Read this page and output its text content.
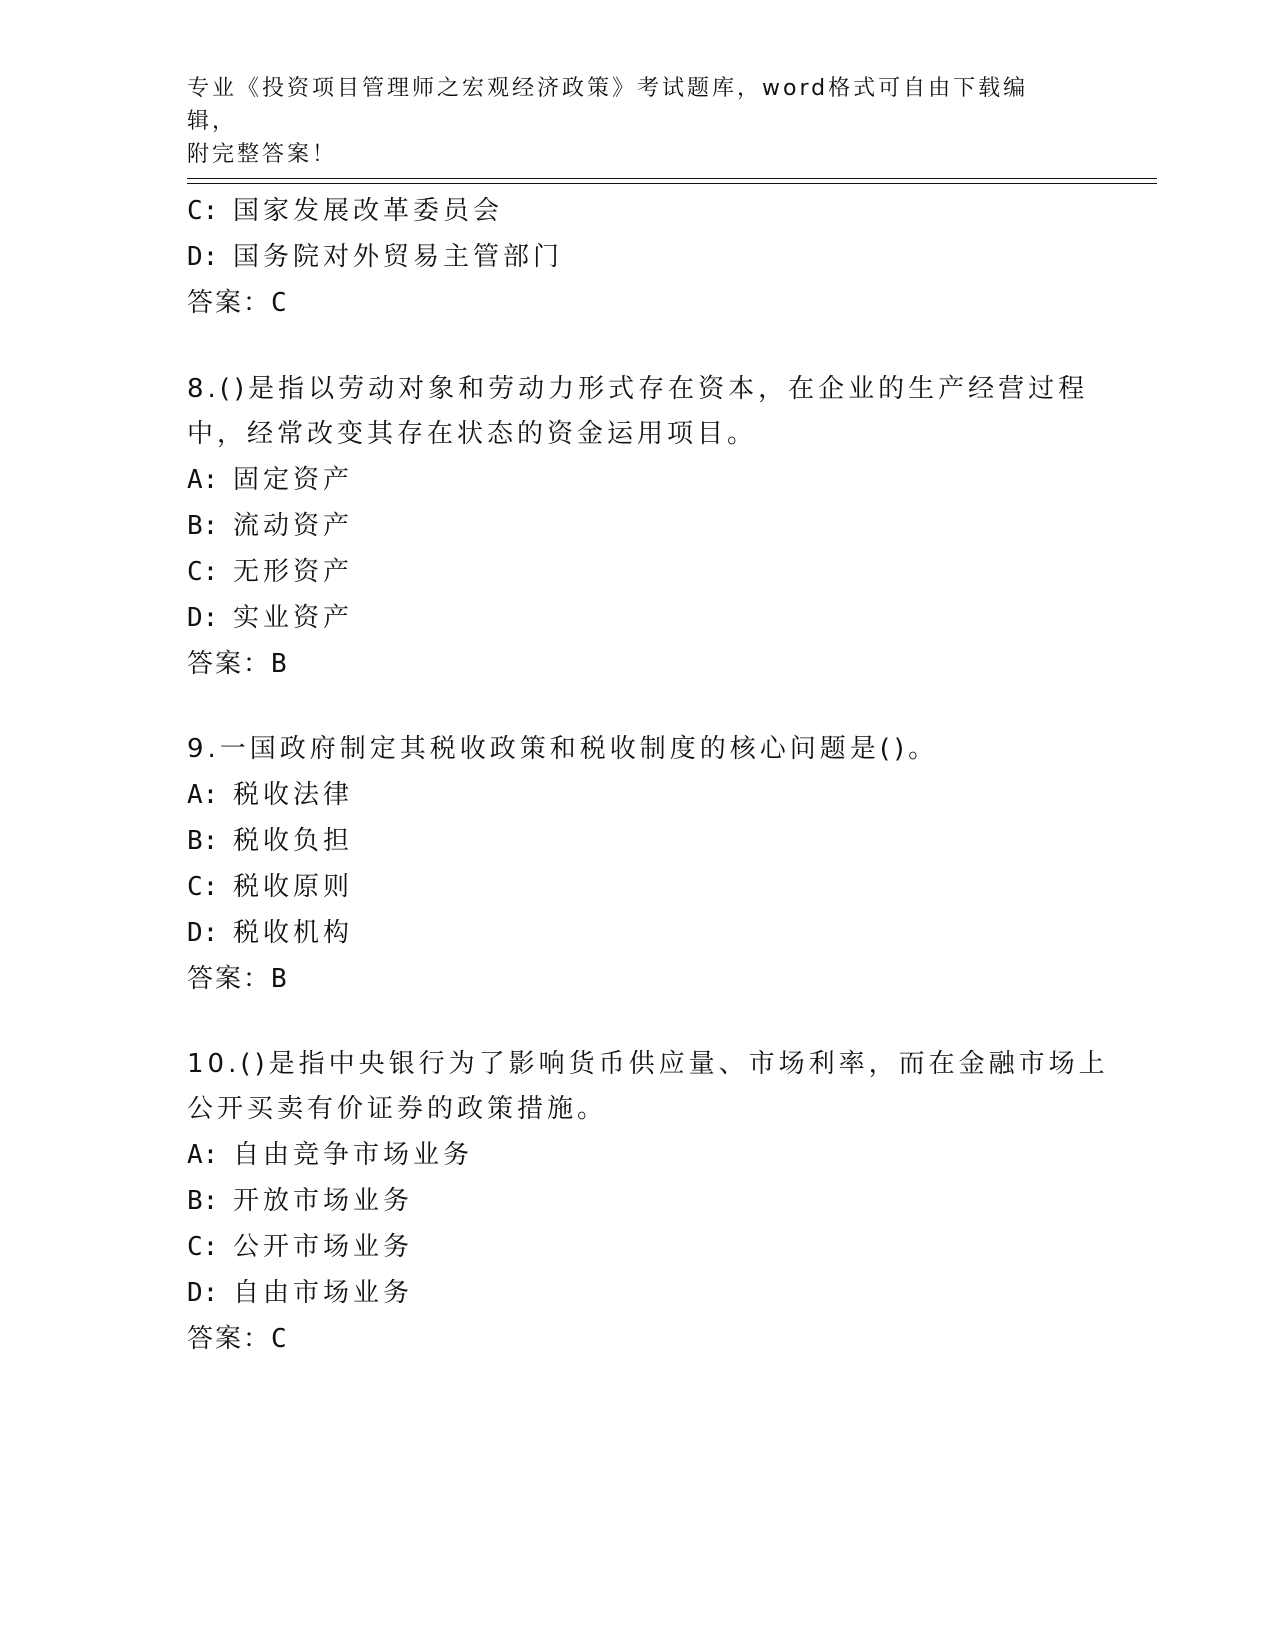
专业《投资项目管理师之宏观经济政策》考试题库，word格式可自由下载编辑，
附完整答案！
C: 国家发展改革委员会
D: 国务院对外贸易主管部门
答案：C
8.()是指以劳动对象和劳动力形式存在资本，在企业的生产经营过程
中，经常改变其存在状态的资金运用项目。
A: 固定资产
B: 流动资产
C: 无形资产
D: 实业资产
答案：B
9.一国政府制定其税收政策和税收制度的核心问题是()。
A: 税收法律
B: 税收负担
C: 税收原则
D: 税收机构
答案：B
10.()是指中央银行为了影响货币供应量、市场利率，而在金融市场上
公开买卖有价证券的政策措施。
A: 自由竞争市场业务
B: 开放市场业务
C: 公开市场业务
D: 自由市场业务
答案：C
